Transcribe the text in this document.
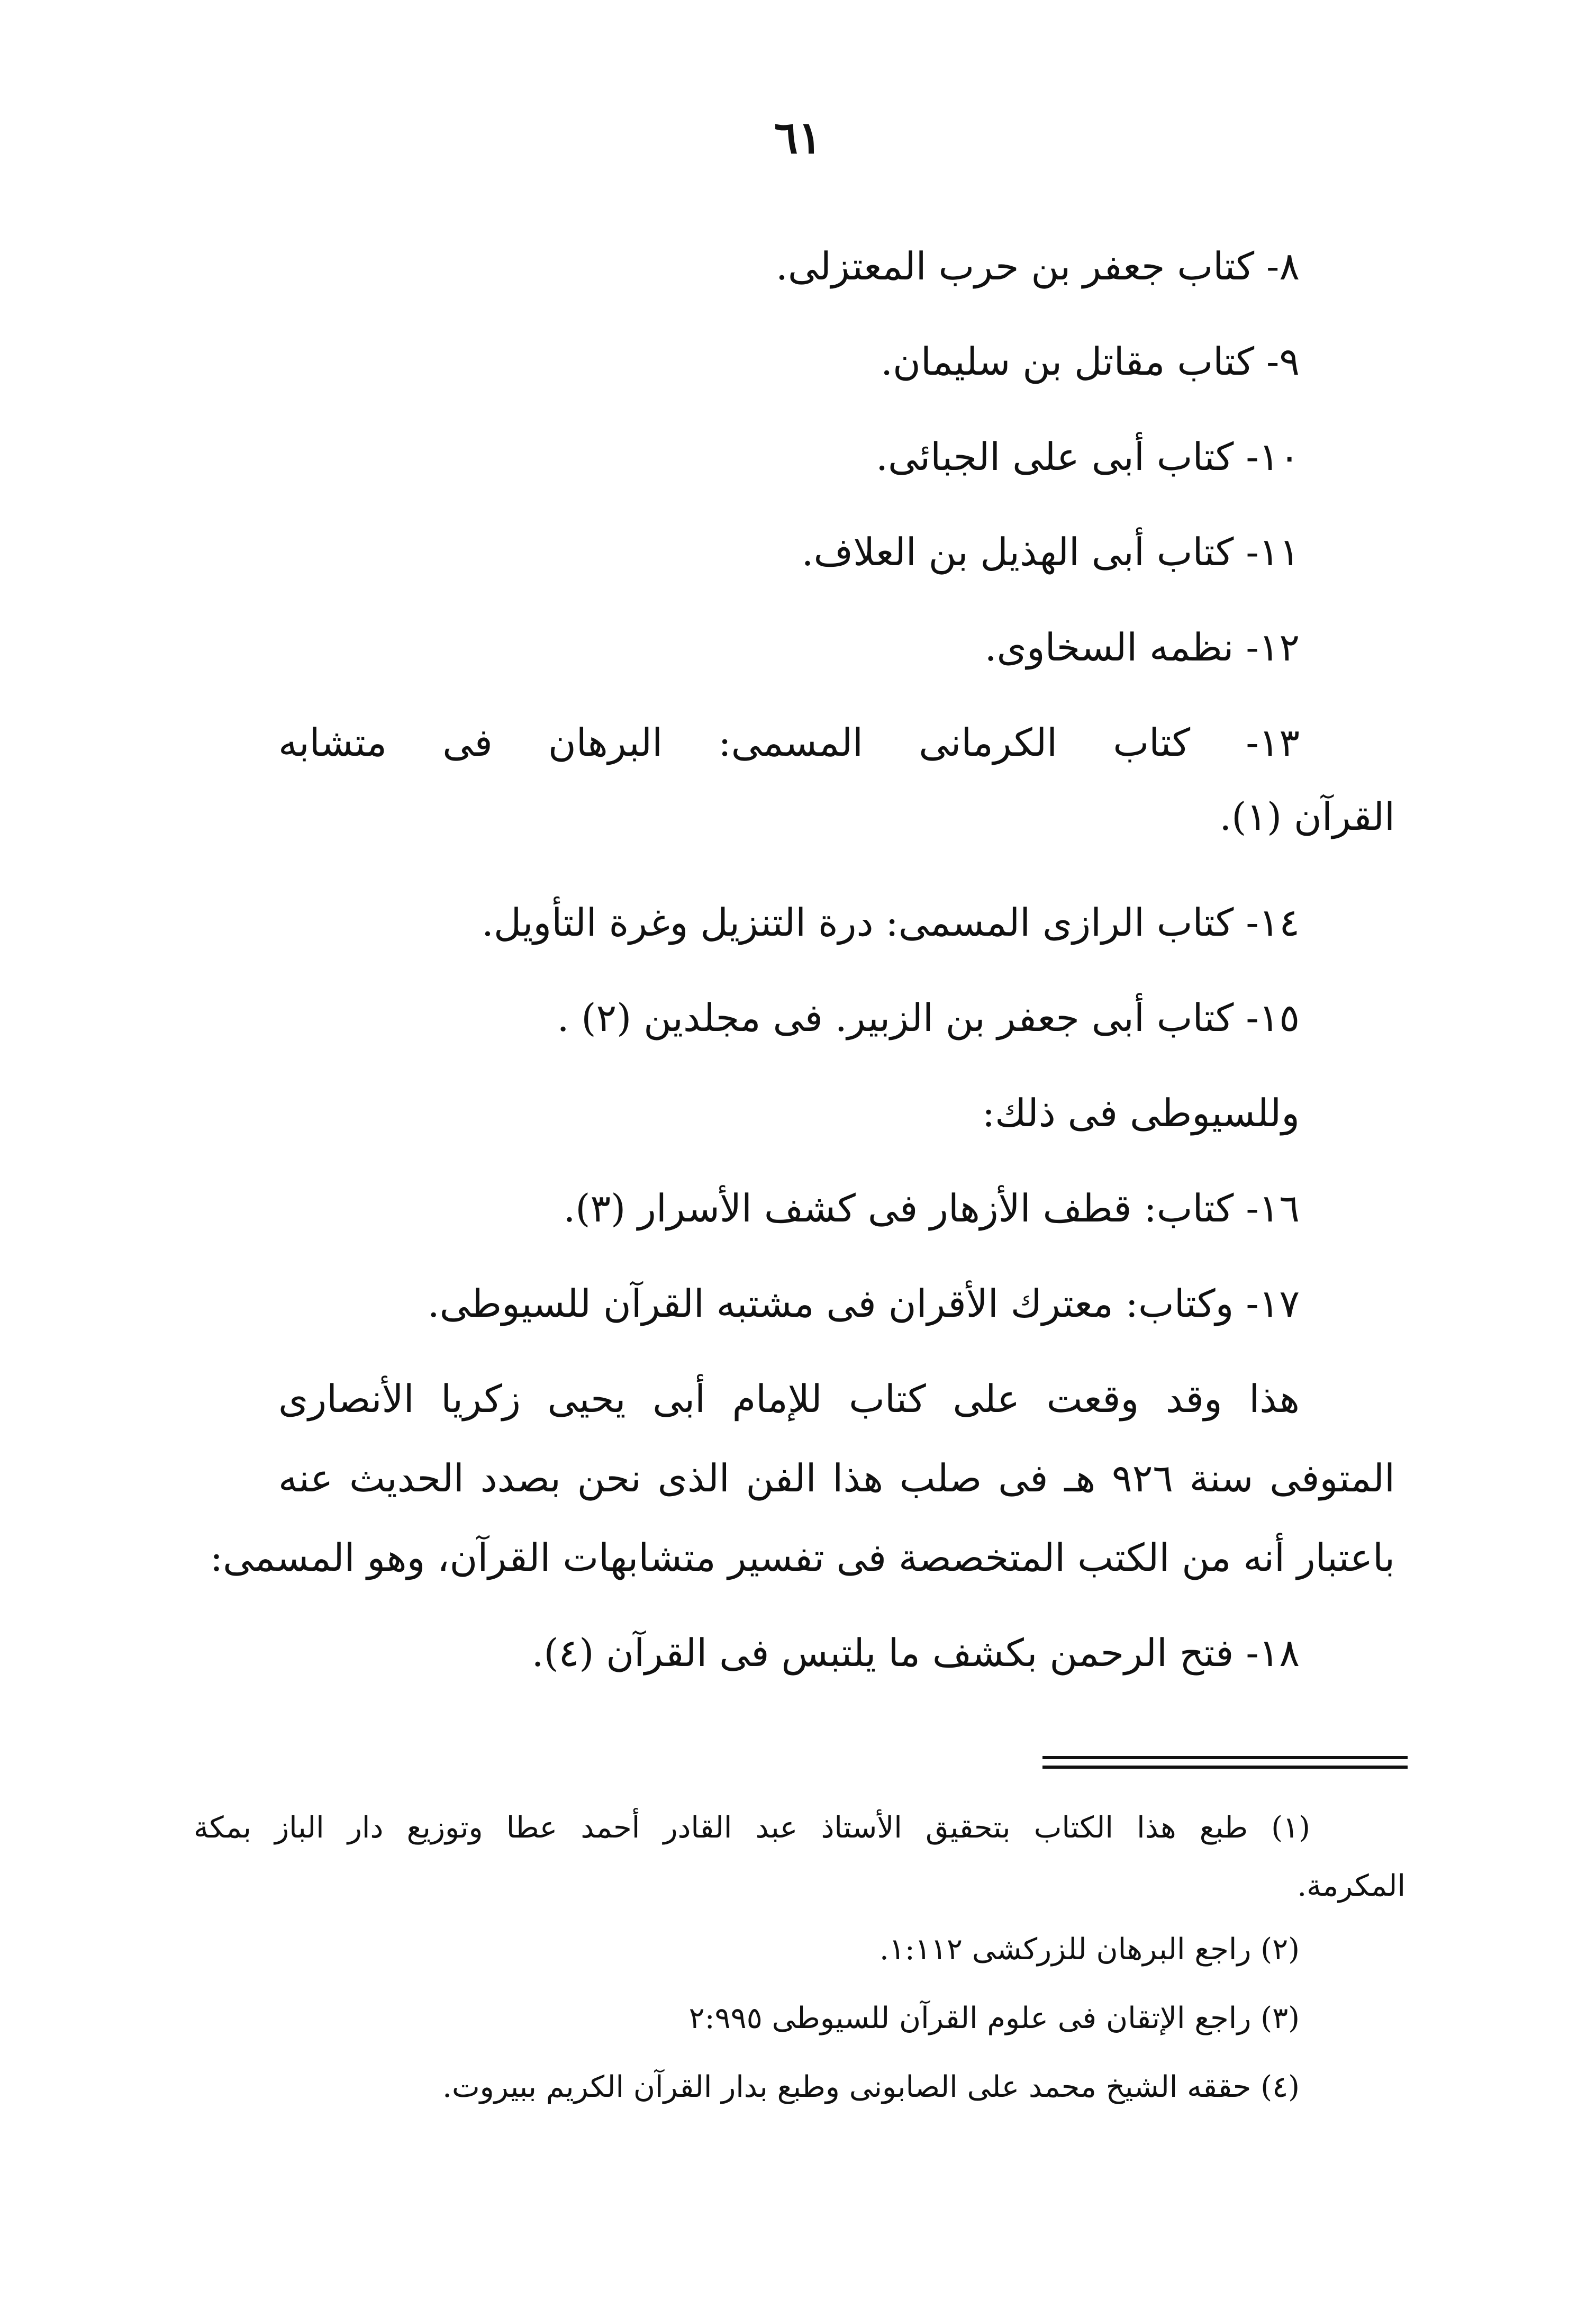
٦١
٨- كتاب جعفر بن حرب المعتزلى.
٩- كتاب مقاتل بن سليمان.
١٠- كتاب أبى على الجبائى.
١١- كتاب أبى الهذيل بن العلاف.
١٢- نظمه السخاوى.
١٣- كتاب الكرمانى المسمى: البرهان فى متشابه
القرآن (١).
١٤- كتاب الرازى المسمى: درة التنزيل وغرة التأويل.
١٥- كتاب أبى جعفر بن الزبير. فى مجلدين (٢) .
وللسيوطى فى ذلك:
١٦- كتاب: قطف الأزهار فى كشف الأسرار (٣).
١٧- وكتاب: معترك الأقران فى مشتبه القرآن للسيوطى.
هذا وقد وقعت على كتاب للإمام أبى يحيى زكريا الأنصارى
المتوفى سنة ٩٢٦ هـ فى صلب هذا الفن الذى نحن بصدد الحديث عنه
باعتبار أنه من الكتب المتخصصة فى تفسير متشابهات القرآن، وهو المسمى:
١٨- فتح الرحمن بكشف ما يلتبس فى القرآن (٤).
(١) طبع هذا الكتاب بتحقيق الأستاذ عبد القادر أحمد عطا وتوزيع دار الباز بمكة
المكرمة.
(٢) راجع البرهان للزركشى ١:١١٢.
(٣) راجع الإتقان فى علوم القرآن للسيوطى ٢:٩٩٥
(٤) حققه الشيخ محمد على الصابونى وطبع بدار القرآن الكريم ببيروت.
